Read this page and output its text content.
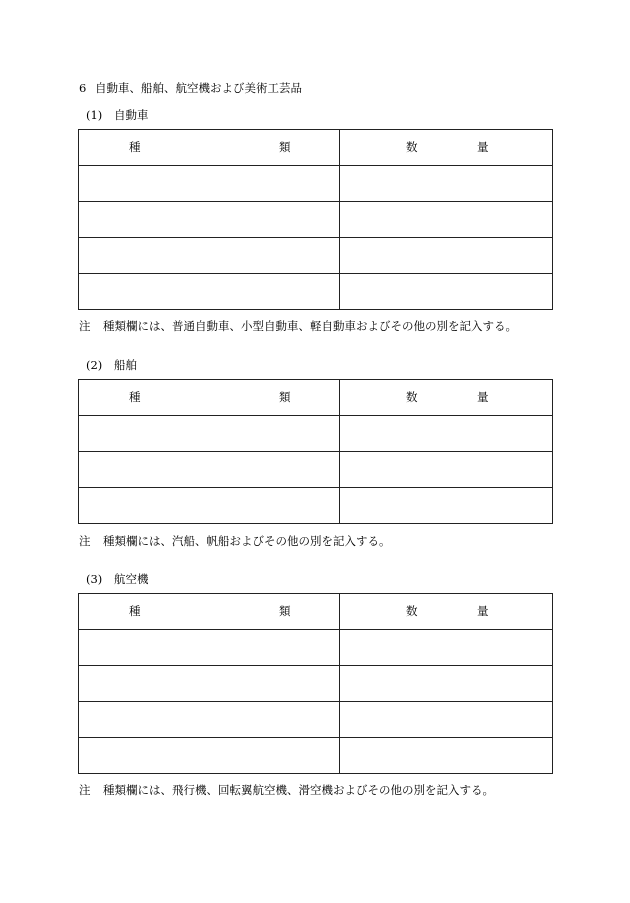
6 自動車、船舶、航空機および美術工芸品
(1) 自動車
種 類	数 量

注 種類欄には、普通自動車、小型自動車、軽自動車およびその他の別を記入する。
(2) 船舶
種 類	数 量

注 種類欄には、汽船、帆船およびその他の別を記入する。
(3) 航空機
種 類	数 量

注 種類欄には、飛行機、回転翼航空機、滑空機およびその他の別を記入する。
